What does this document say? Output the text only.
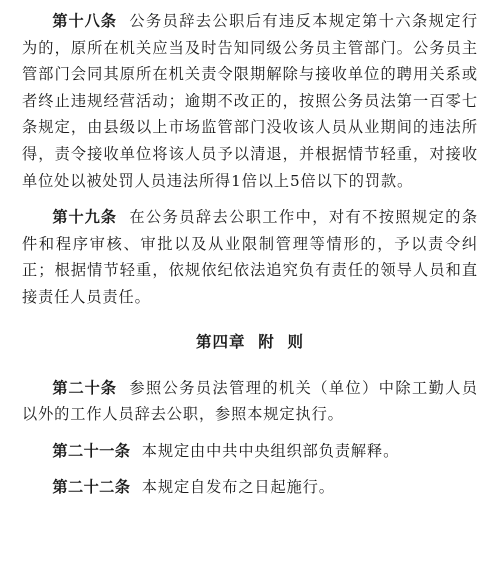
第十八条 公务员辞去公职后有违反本规定第十六条规定行为的，原所在机关应当及时告知同级公务员主管部门。公务员主管部门会同其原所在机关责令限期解除与接收单位的聘用关系或者终止违规经营活动；逾期不改正的，按照公务员法第一百零七条规定，由县级以上市场监管部门没收该人员从业期间的违法所得，责令接收单位将该人员予以清退，并根据情节轻重，对接收单位处以被处罚人员违法所得1倍以上5倍以下的罚款。

第十九条 在公务员辞去公职工作中，对有不按照规定的条件和程序审核、审批以及从业限制管理等情形的，予以责令纠正；根据情节轻重，依规依纪依法追究负有责任的领导人员和直接责任人员责任。

第四章  附  则

第二十条 参照公务员法管理的机关（单位）中除工勤人员以外的工作人员辞去公职，参照本规定执行。

第二十一条 本规定由中共中央组织部负责解释。

第二十二条 本规定自发布之日起施行。
